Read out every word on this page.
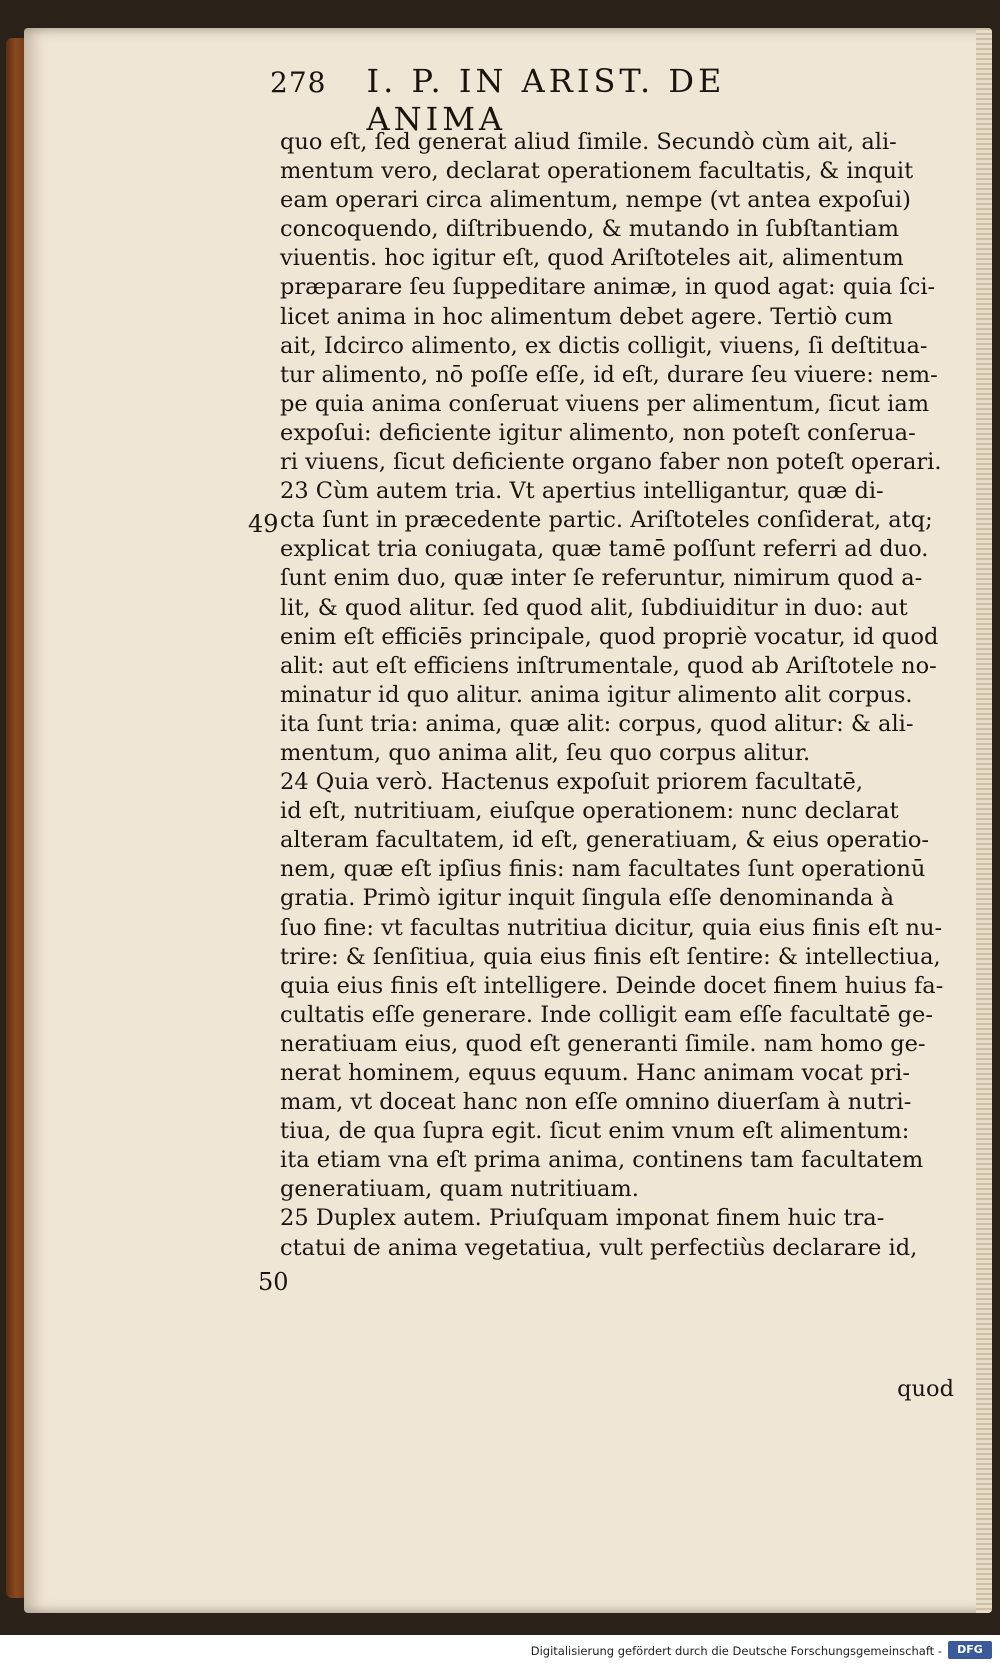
278 I. P. IN ARIST. DE ANIMA
49
50
quo eſt, ſed generat aliud ſimile. Secundò cùm ait, ali-
mentum vero, declarat operationem facultatis, & inquit
eam operari circa alimentum, nempe (vt antea expoſui)
concoquendo, diſtribuendo, & mutando in ſubſtantiam
viuentis. hoc igitur eſt, quod Ariſtoteles ait, alimentum
præparare ſeu ſuppeditare animæ, in quod agat: quia ſci-
licet anima in hoc alimentum debet agere. Tertiò cum
ait, Idcirco alimento, ex dictis colligit, viuens, ſi deſtitua-
tur alimento, nō poſſe eſſe, id eſt, durare ſeu viuere: nem-
pe quia anima conſeruat viuens per alimentum, ſicut iam
expoſui: deficiente igitur alimento, non poteſt conſerua-
ri viuens, ſicut deficiente organo faber non poteſt operari.
23 Cùm autem tria. Vt apertius intelligantur, quæ di-
cta ſunt in præcedente partic. Ariſtoteles conſiderat, atq;
explicat tria coniugata, quæ tamē poſſunt referri ad duo.
ſunt enim duo, quæ inter ſe referuntur, nimirum quod a-
lit, & quod alitur. ſed quod alit, ſubdiuiditur in duo: aut
enim eſt efficiēs principale, quod propriè vocatur, id quod
alit: aut eſt efficiens inſtrumentale, quod ab Ariſtotele no-
minatur id quo alitur. anima igitur alimento alit corpus.
ita ſunt tria: anima, quæ alit: corpus, quod alitur: & ali-
mentum, quo anima alit, ſeu quo corpus alitur.
24 Quia verò. Hactenus expoſuit priorem facultatē,
id eſt, nutritiuam, eiuſque operationem: nunc declarat
alteram facultatem, id eſt, generatiuam, & eius operatio-
nem, quæ eſt ipſius finis: nam facultates ſunt operationū
gratia. Primò igitur inquit ſingula eſſe denominanda à
ſuo fine: vt facultas nutritiua dicitur, quia eius finis eſt nu-
trire: & ſenſitiua, quia eius finis eſt ſentire: & intellectiua,
quia eius finis eſt intelligere. Deinde docet finem huius fa-
cultatis eſſe generare. Inde colligit eam eſſe facultatē ge-
neratiuam eius, quod eſt generanti ſimile. nam homo ge-
nerat hominem, equus equum. Hanc animam vocat pri-
mam, vt doceat hanc non eſſe omnino diuerſam à nutri-
tiua, de qua ſupra egit. ſicut enim vnum eſt alimentum:
ita etiam vna eſt prima anima, continens tam facultatem
generatiuam, quam nutritiuam.
25 Duplex autem. Priuſquam imponat finem huic tra-
ctatui de anima vegetatiua, vult perfectiùs declarare id,
quod
Digitalisierung gefördert durch die Deutsche Forschungsgemeinschaft -	DFG
